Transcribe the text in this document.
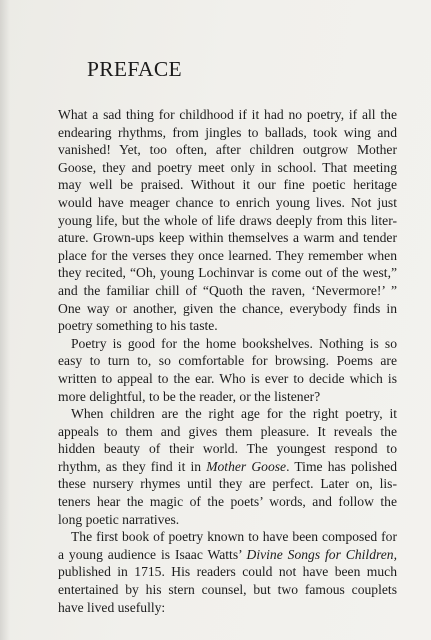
PREFACE

What a sad thing for childhood if it had no poetry, if all the
endearing rhythms, from jingles to ballads, took wing and
vanished! Yet, too often, after children outgrow Mother
Goose, they and poetry meet only in school. That meeting
may well be praised. Without it our fine poetic heritage
would have meager chance to enrich young lives. Not just
young life, but the whole of life draws deeply from this liter-
ature. Grown-ups keep within themselves a warm and tender
place for the verses they once learned. They remember when
they recited, “Oh, young Lochinvar is come out of the west,”
and the familiar chill of “Quoth the raven, ‘Nevermore!’ ”
One way or another, given the chance, everybody finds in
poetry something to his taste.

Poetry is good for the home bookshelves. Nothing is so
easy to turn to, so comfortable for browsing. Poems are
written to appeal to the ear. Who is ever to decide which is
more delightful, to be the reader, or the listener?

When children are the right age for the right poetry, it
appeals to them and gives them pleasure. It reveals the
hidden beauty of their world. The youngest respond to
rhythm, as they find it in Mother Goose. Time has polished
these nursery rhymes until they are perfect. Later on, lis-
teners hear the magic of the poets’ words, and follow the
long poetic narratives.

The first book of poetry known to have been composed for
a young audience is Isaac Watts’ Divine Songs for Children,
published in 1715. His readers could not have been much
entertained by his stern counsel, but two famous couplets
have lived usefully:
